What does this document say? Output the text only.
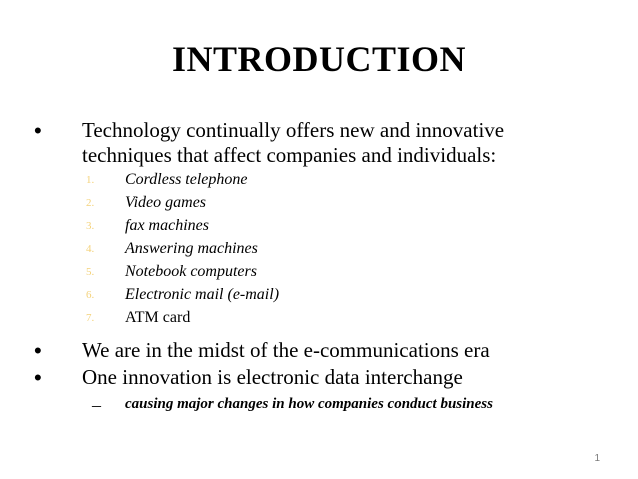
INTRODUCTION
• Technology continually offers new and innovative
techniques that affect companies and individuals:
1. Cordless telephone
2. Video games
3. fax machines
4. Answering machines
5. Notebook computers
6. Electronic mail (e-mail)
7. ATM card
• We are in the midst of the e-communications era
• One innovation is electronic data interchange
– causing major changes in how companies conduct business
1
